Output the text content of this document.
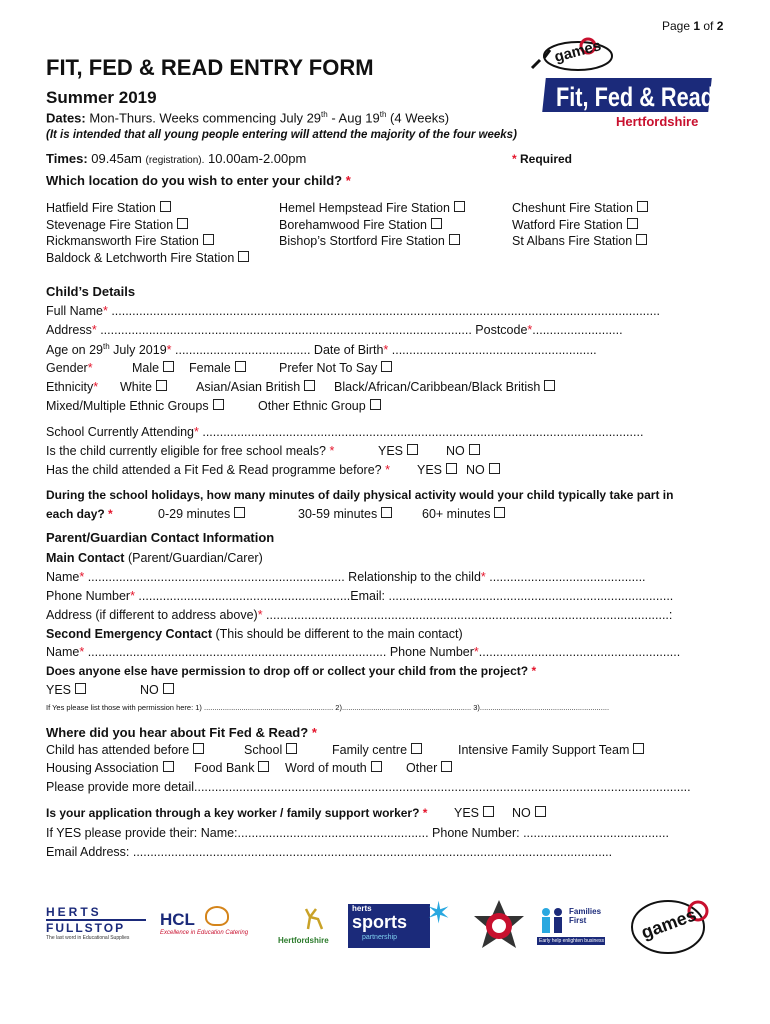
Page 1 of 2
games
Fit, Fed & Read
Hertfordshire
FIT, FED & READ ENTRY FORM
Summer 2019
Dates: Mon-Thurs. Weeks commencing July 29th - Aug 19th (4 Weeks)
(It is intended that all young people entering will attend the majority of the four weeks)
Times: 09.45am (registration). 10.00am-2.00pm	* Required
Which location do you wish to enter your child? *
Hatfield Fire Station
Stevenage Fire Station
Rickmansworth Fire Station
Baldock & Letchworth Fire Station
Hemel Hempstead Fire Station
Borehamwood Fire Station
Bishop’s Stortford Fire Station
Cheshunt Fire Station
Watford Fire Station
St Albans Fire Station
Child’s Details
Full Name* ..............................................................................................................................................................
Address* ........................................................................................................... Postcode*..........................
Age on 29th July 2019* ....................................... Date of Birth* ...........................................................
Gender*	Male	Female	Prefer Not To Say
Ethnicity* White	Asian/Asian British	Black/African/Caribbean/Black British
Mixed/Multiple Ethnic Groups	Other Ethnic Group
School Currently Attending* ...............................................................................................................................
Is the child currently eligible for free school meals? *	YES	NO
Has the child attended a Fit Fed & Read programme before? * YES	NO
During the school holidays, how many minutes of daily physical activity would your child typically take part in
each day? *	0-29 minutes	30-59 minutes	60+ minutes
Parent/Guardian Contact Information
Main Contact (Parent/Guardian/Carer)
Name* .......................................................................... Relationship to the child* .............................................
Phone Number* .............................................................Email: ..................................................................................
Address (if different to address above)* ....................................................................................................................:
Second Emergency Contact (This should be different to the main contact)
Name* ...................................................................................... Phone Number*..........................................................
Does anyone else have permission to drop off or collect your child from the project? *
YES	NO
If Yes please list those with permission here: 1) .............................................................. 2).............................................................. 3)..............................................................
Where did you hear about Fit Fed & Read? *
Child has attended before	School	Family centre	Intensive Family Support Team
Housing Association	Food Bank	Word of mouth	Other
Please provide more detail...............................................................................................................................................
Is your application through a key worker / family support worker? * YES	NO
If YES please provide their: Name:....................................................... Phone Number: ..........................................
Email Address: ..........................................................................................................................................
HERTS
FULLSTOP
The last word in Educational Supplies
HCL
Excellence in Education Catering
Hertfordshire
herts
sports
partnership
✶	Families
First
Early help enlighten business games
